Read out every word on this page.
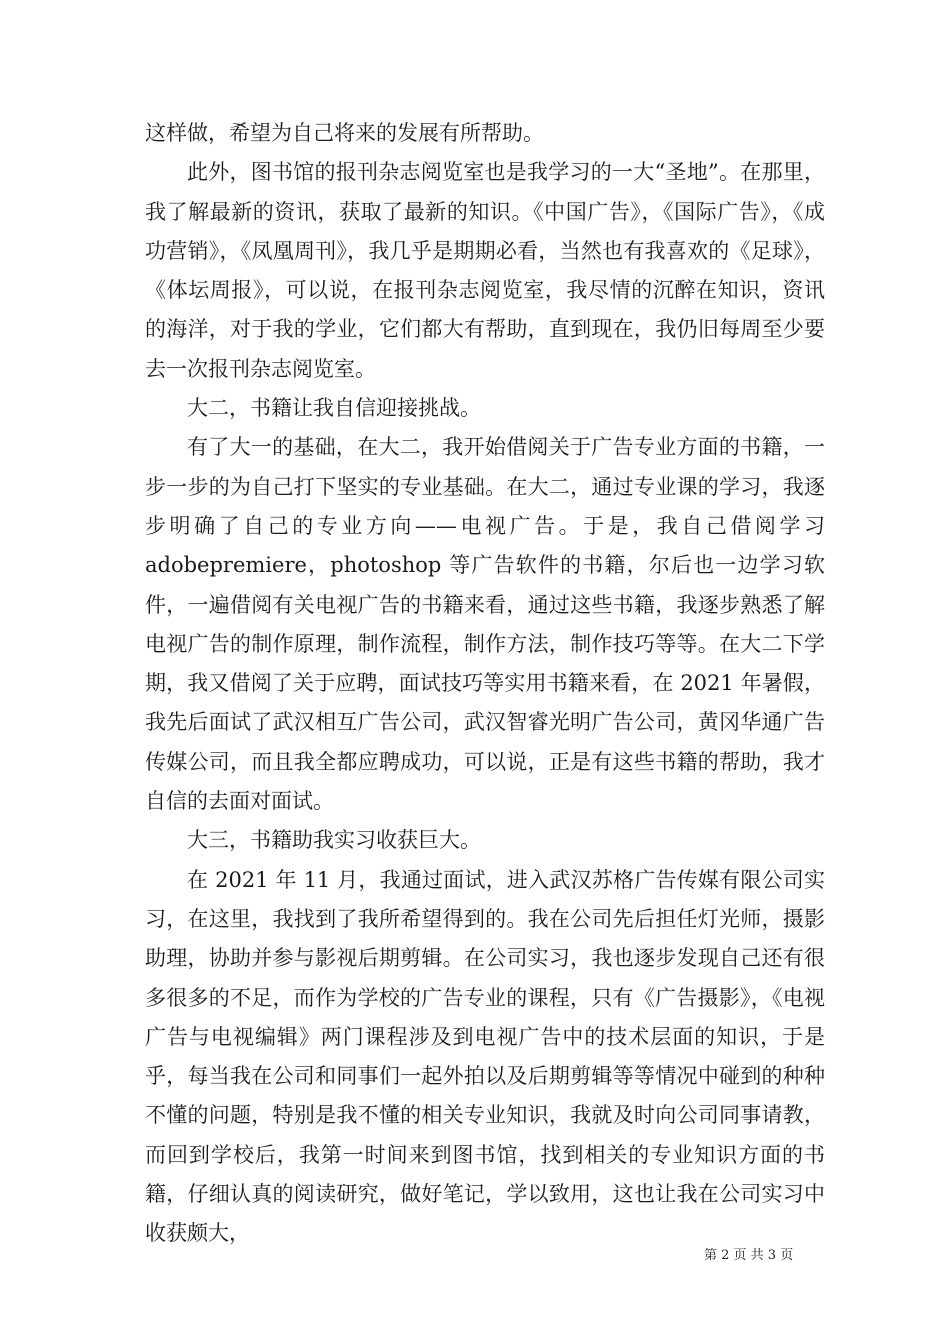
这样做，希望为自己将来的发展有所帮助。

此外，图书馆的报刊杂志阅览室也是我学习的一大“圣地”。在那里，我了解最新的资讯，获取了最新的知识。《中国广告》，《国际广告》，《成功营销》，《凤凰周刊》，我几乎是期期必看，当然也有我喜欢的《足球》，《体坛周报》，可以说，在报刊杂志阅览室，我尽情的沉醉在知识，资讯的海洋，对于我的学业，它们都大有帮助，直到现在，我仍旧每周至少要去一次报刊杂志阅览室。

大二，书籍让我自信迎接挑战。

有了大一的基础，在大二，我开始借阅关于广告专业方面的书籍，一步一步的为自己打下坚实的专业基础。在大二，通过专业课的学习，我逐步明确了自己的专业方向——电视广告。于是，我自己借阅学习 adobepremiere，photoshop 等广告软件的书籍，尔后也一边学习软件，一遍借阅有关电视广告的书籍来看，通过这些书籍，我逐步熟悉了解电视广告的制作原理，制作流程，制作方法，制作技巧等等。在大二下学期，我又借阅了关于应聘，面试技巧等实用书籍来看，在 2021 年暑假，我先后面试了武汉相互广告公司，武汉智睿光明广告公司，黄冈华通广告传媒公司，而且我全都应聘成功，可以说，正是有这些书籍的帮助，我才自信的去面对面试。

大三，书籍助我实习收获巨大。

在 2021 年 11 月，我通过面试，进入武汉苏格广告传媒有限公司实习，在这里，我找到了我所希望得到的。我在公司先后担任灯光师，摄影助理，协助并参与影视后期剪辑。在公司实习，我也逐步发现自己还有很多很多的不足，而作为学校的广告专业的课程，只有《广告摄影》，《电视广告与电视编辑》两门课程涉及到电视广告中的技术层面的知识，于是乎，每当我在公司和同事们一起外拍以及后期剪辑等等情况中碰到的种种不懂的问题，特别是我不懂的相关专业知识，我就及时向公司同事请教，而回到学校后，我第一时间来到图书馆，找到相关的专业知识方面的书籍，仔细认真的阅读研究，做好笔记，学以致用，这也让我在公司实习中收获颇大，

第 2 页 共 3 页
